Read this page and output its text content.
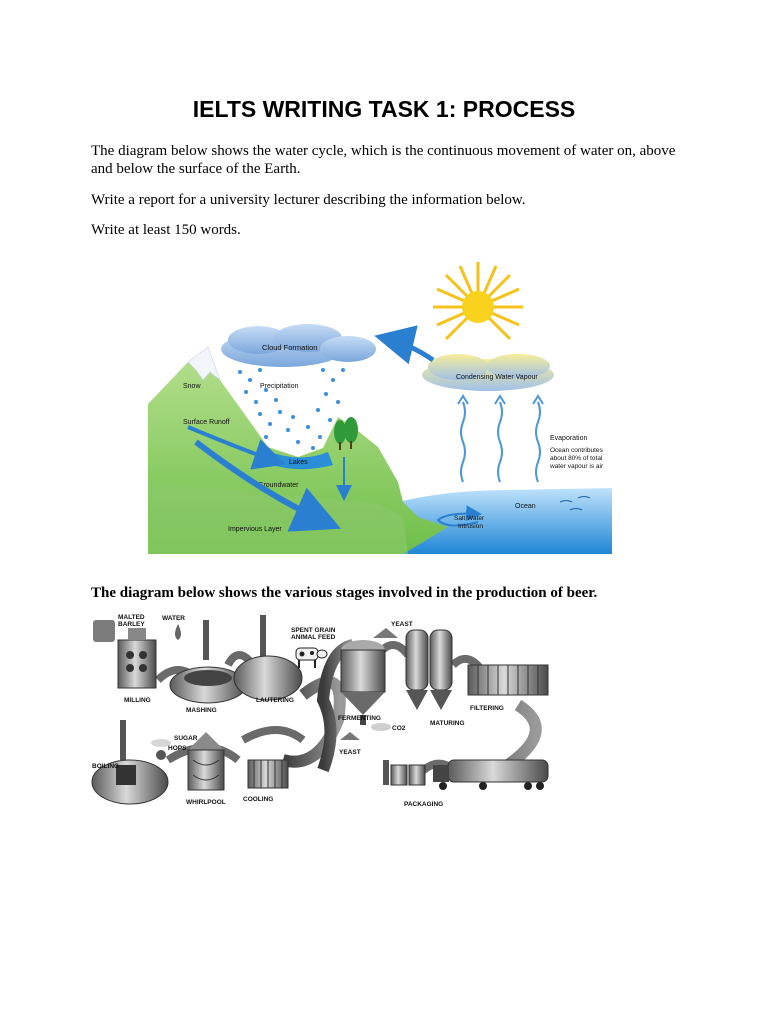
IELTS WRITING TASK 1: PROCESS
The diagram below shows the water cycle, which is the continuous movement of water on, above and below the surface of the Earth.
Write a report for a university lecturer describing the information below.
Write at least 150 words.
Cloud Formation
Condensing Water Vapour
Snow	Precipitation
Surface Runoff
Lakes
Groundwater
Impervious Layer
Evaporation
Ocean contributes
about 80% of total
water vapour is air
Ocean
Salt Water
Intrusion
The diagram below shows the various stages involved in the production of beer.
MALTED
BARLEY
MILLING
WATER
MASHING
LAUTERING
SPENT GRAIN
ANIMAL FEED
YEAST
FERMENTING
CO2
YEAST
MATURING
FILTERING
SUGAR
HOPS
BOILING
WHIRLPOOL	COOLING
PACKAGING
